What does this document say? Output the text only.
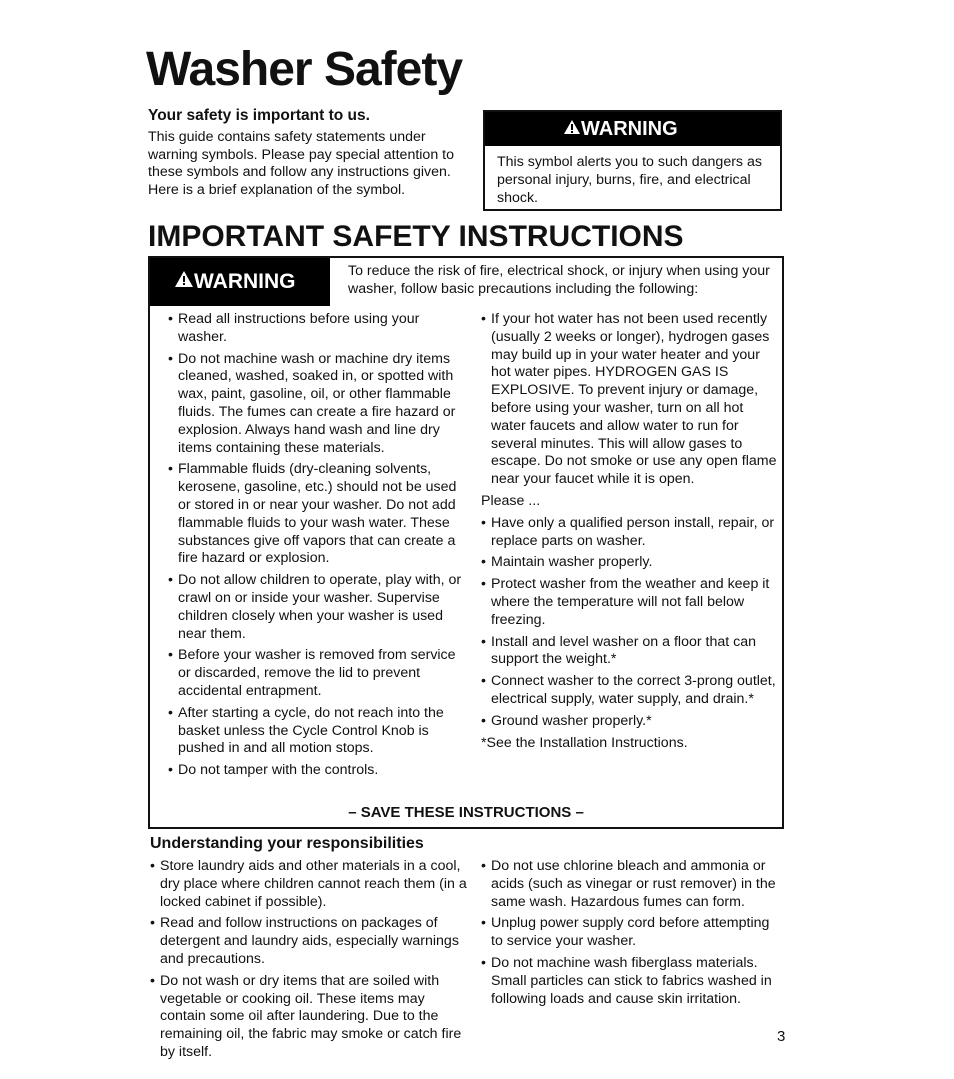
Washer Safety
Your safety is important to us.
This guide contains safety statements under warning symbols. Please pay special attention to these symbols and follow any instructions given. Here is a brief explanation of the symbol.
WARNING
This symbol alerts you to such dangers as personal injury, burns, fire, and electrical shock.
IMPORTANT SAFETY INSTRUCTIONS
WARNING	To reduce the risk of fire, electrical shock, or injury when using your washer, follow basic precautions including the following:
• Read all instructions before using your washer.
• Do not machine wash or machine dry items cleaned, washed, soaked in, or spotted with wax, paint, gasoline, oil, or other flammable fluids. The fumes can create a fire hazard or explosion. Always hand wash and line dry items containing these materials.
• Flammable fluids (dry-cleaning solvents, kerosene, gasoline, etc.) should not be used or stored in or near your washer. Do not add flammable fluids to your wash water. These substances give off vapors that can create a fire hazard or explosion.
• Do not allow children to operate, play with, or crawl on or inside your washer. Supervise children closely when your washer is used near them.
• Before your washer is removed from service or discarded, remove the lid to prevent accidental entrapment.
• After starting a cycle, do not reach into the basket unless the Cycle Control Knob is pushed in and all motion stops.
• Do not tamper with the controls.
• If your hot water has not been used recently (usually 2 weeks or longer), hydrogen gases may build up in your water heater and your hot water pipes. HYDROGEN GAS IS EXPLOSIVE. To prevent injury or damage, before using your washer, turn on all hot water faucets and allow water to run for several minutes. This will allow gases to escape. Do not smoke or use any open flame near your faucet while it is open.
Please ...
• Have only a qualified person install, repair, or replace parts on washer.
• Maintain washer properly.
• Protect washer from the weather and keep it where the temperature will not fall below freezing.
• Install and level washer on a floor that can support the weight.*
• Connect washer to the correct 3-prong outlet, electrical supply, water supply, and drain.*
• Ground washer properly.*
*See the Installation Instructions.
– SAVE THESE INSTRUCTIONS –
Understanding your responsibilities
• Store laundry aids and other materials in a cool, dry place where children cannot reach them (in a locked cabinet if possible).
• Read and follow instructions on packages of detergent and laundry aids, especially warnings and precautions.
• Do not wash or dry items that are soiled with vegetable or cooking oil. These items may contain some oil after laundering. Due to the remaining oil, the fabric may smoke or catch fire by itself.
• Do not use chlorine bleach and ammonia or acids (such as vinegar or rust remover) in the same wash. Hazardous fumes can form.
• Unplug power supply cord before attempting to service your washer.
• Do not machine wash fiberglass materials. Small particles can stick to fabrics washed in following loads and cause skin irritation.
3
